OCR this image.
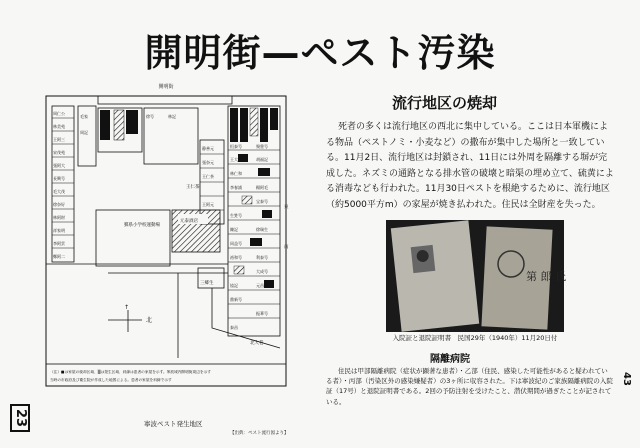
開明街—ペスト汚染
開明街
北
↑
（注）■は家屋の焼却区域、▒は発生区域、斜線は患者の家屋を示す。寧波城内開明街周辺を示す
当時の市政府及び衛生院が作成した地図による。患者の家屋を斜線で示す
鄞県小学校運動場
元泰酒店
東
南
三郷生
北大巷
王仁茶
周仁公
林美苑
王阿三
宋茂苑
張阿大
長興号
毛大茂
徐奈好
林阿財
祥家明
李阿雲
鄭阿二
恒泰号	聚豊号
王大茂	胡福記
林仁和
楊阿毛
李春浦
宝泰号
生甡号
徐瑞生
陳記
同益号
利泰号
裕和号
大成号
協記	元昌号
鼎新号
振華号
泰昌
静善元
張奈元
王仁茶
王阿元
毛家
周記
徐号	林記
流行地区の焼却
死者の多くは流行地区の西北に集中している。ここは日本軍機による物品（ペストノミ・小麦など）の撒布が集中した場所と一致している。11月2日、流行地区は封鎖され、11日には外周を隔離する塀が完成した。ネズミの通路となる排水管の破壊と暗渠の埋め立て、硫黄による消毒なども行われた。11月30日ペストを根絶するために、流行地区（約5000平方m）の家屋が焼き払われた。住民は全財産を失った。
第 郎 氏
入院証と退院証明書　民国29年（1940年）11月20日付
隔離病院
住民は甲部隔離病院（症状が顕著な患者）・乙部（住民、感染した可能性があると疑われている者）・丙部（汚染区外の感染嫌疑者）の3ヶ所に収容された。下は寧波紀のご家族隔離病院の入院証（17号）と退院証明書である。2回の予防注射を受けたこと、潜伏期間が過ぎたことが記されている。
寧波ペスト発生地区
【出典：ペスト流行図より】
23
43
